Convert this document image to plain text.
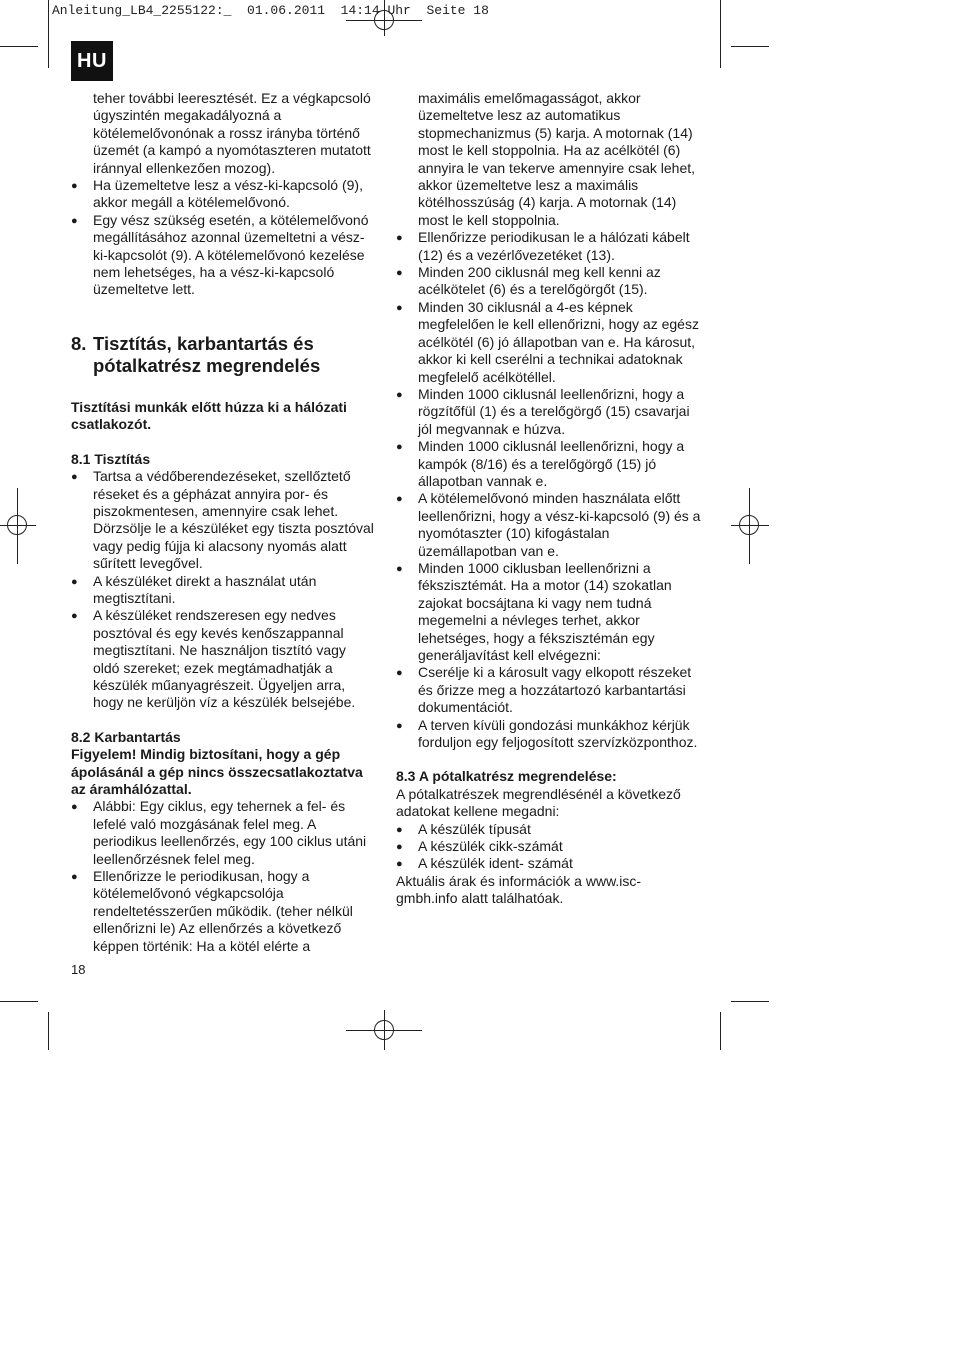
Anleitung_LB4_2255122:_  01.06.2011  14:14 Uhr  Seite 18
HU

teher további leeresztését. Ez a végkapcsoló úgyszintén megakadályozná a kötélemelővonónak a rossz irányba történő üzemét (a kampó a nyomótaszteren mutatott iránnyal ellenkezően mozog).

● Ha üzemeltetve lesz a vész-ki-kapcsoló (9), akkor megáll a kötélemelővonó.

● Egy vész szükség esetén, a kötélemelővonó megállításához azonnal üzemeltetni a vész-ki-kapcsolót (9). A kötélemelővonó kezelése nem lehetséges, ha a vész-ki-kapcsoló üzemeltetve lett.

8. Tisztítás, karbantartás és pótalkatrész megrendelés

Tisztítási munkák előtt húzza ki a hálózati csatlakozót.

8.1 Tisztítás

● Tartsa a védőberendezéseket, szellőztető réseket és a gépházat annyira por- és piszokmentesen, amennyire csak lehet. Dörzsölje le a készüléket egy tiszta posztóval vagy pedig fújja ki alacsony nyomás alatt sűrített levegővel.

● A készüléket direkt a használat után megtisztítani.

● A készüléket rendszeresen egy nedves posztóval és egy kevés kenőszappannal megtisztítani. Ne használjon tisztító vagy oldó szereket; ezek megtámadhatják a készülék műanyagrészeit. Ügyeljen arra, hogy ne kerüljön víz a készülék belsejébe.

8.2 Karbantartás

Figyelem! Mindig biztosítani, hogy a gép ápolásánál a gép nincs összecsatlakoztatva az áramhálózattal.

● Alábbi: Egy ciklus, egy tehernek a fel- és lefelé való mozgásának felel meg. A periodikus leellenőrzés, egy 100 ciklus utáni leellenőrzésnek felel meg.

● Ellenőrizze le periodikusan, hogy a kötélemelővonó végkapcsolója rendeltetésszerűen működik. (teher nélkül ellenőrizni le) Az ellenőrzés a következő képpen történik: Ha a kötél elérte a

maximális emelőmagasságot, akkor üzemeltetve lesz az automatikus stopmechanizmus (5) karja. A motornak (14) most le kell stoppolnia. Ha az acélkötél (6) annyira le van tekerve amennyire csak lehet, akkor üzemeltetve lesz a maximális kötélhosszúság (4) karja. A motornak (14) most le kell stoppolnia.

● Ellenőrizze periodikusan le a hálózati kábelt (12) és a vezérlővezetéket (13).

● Minden 200 ciklusnál meg kell kenni az acélkötelet (6) és a terelőgörgőt (15).

● Minden 30 ciklusnál a 4-es képnek megfelelően le kell ellenőrizni, hogy az egész acélkötél (6) jó állapotban van e. Ha károsut, akkor ki kell cserélni a technikai adatoknak megfelelő acélkötéllel.

● Minden 1000 ciklusnál leellenőrizni, hogy a rögzítőfül (1) és a terelőgörgő (15) csavarjai jól megvannak e húzva.

● Minden 1000 ciklusnál leellenőrizni, hogy a kampók (8/16) és a terelőgörgő (15) jó állapotban vannak e.

● A kötélemelővonó minden használata előtt leellenőrizni, hogy a vész-ki-kapcsoló (9) és a nyomótaszter (10) kifogástalan üzemállapotban van e.

● Minden 1000 ciklusban leellenőrizni a fékszisztémát. Ha a motor (14) szokatlan zajokat bocsájtana ki vagy nem tudná megemelni a névleges terhet, akkor lehetséges, hogy a fékszisztémán egy generáljavítást kell elvégezni:

● Cserélje ki a károsult vagy elkopott részeket és őrizze meg a hozzátartozó karbantartási dokumentációt.

● A terven kívüli gondozási munkákhoz kérjük forduljon egy feljogosított szervízközponthoz.

8.3 A pótalkatrész megrendelése:

A pótalkatrészek megrendlésénél a következő adatokat kellene megadni:

● A készülék típusát

● A készülék cikk-számát

● A készülék ident- számát

Aktuális árak és információk a www.isc-gmbh.info alatt találhatóak.

18
